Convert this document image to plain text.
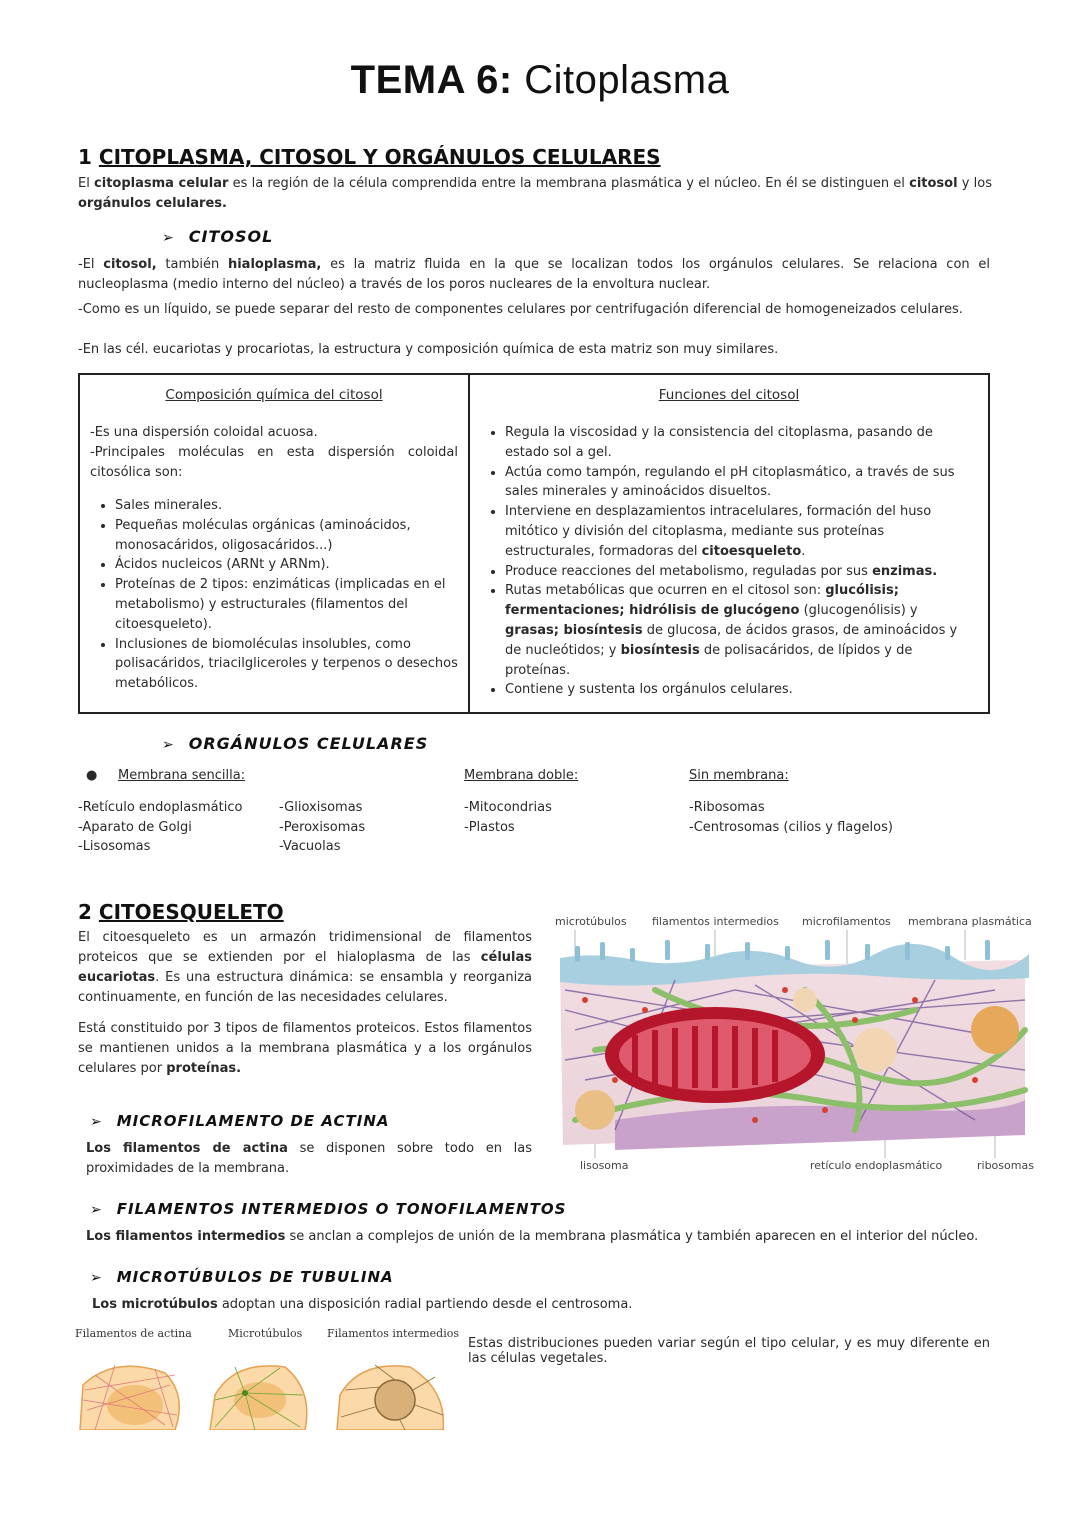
TEMA 6: Citoplasma
1 CITOPLASMA, CITOSOL Y ORGÁNULOS CELULARES
El citoplasma celular es la región de la célula comprendida entre la membrana plasmática y el núcleo. En él se distinguen el citosol y los orgánulos celulares.
➢ CITOSOL
-El citosol, también hialoplasma, es la matriz fluida en la que se localizan todos los orgánulos celulares. Se relaciona con el nucleoplasma (medio interno del núcleo) a través de los poros nucleares de la envoltura nuclear.
-Como es un líquido, se puede separar del resto de componentes celulares por centrifugación diferencial de homogeneizados celulares.
-En las cél. eucariotas y procariotas, la estructura y composición química de esta matriz son muy similares.
Composición química del citosol
-Es una dispersión coloidal acuosa.
-Principales moléculas en esta dispersión coloidal citosólica son:
• Sales minerales.
• Pequeñas moléculas orgánicas (aminoácidos, monosacáridos, oligosacáridos...)
• Ácidos nucleicos (ARNt y ARNm).
• Proteínas de 2 tipos: enzimáticas (implicadas en el metabolismo) y estructurales (filamentos del citoesqueleto).
• Inclusiones de biomoléculas insolubles, como polisacáridos, triacilgliceroles y terpenos o desechos metabólicos.

Funciones del citosol
• Regula la viscosidad y la consistencia del citoplasma, pasando de estado sol a gel.
• Actúa como tampón, regulando el pH citoplasmático, a través de sus sales minerales y aminoácidos disueltos.
• Interviene en desplazamientos intracelulares, formación del huso mitótico y división del citoplasma, mediante sus proteínas estructurales, formadoras del citoesqueleto.
• Produce reacciones del metabolismo, reguladas por sus enzimas.
• Rutas metabólicas que ocurren en el citosol son: glucólisis; fermentaciones; hidrólisis de glucógeno (glucogenólisis) y grasas; biosíntesis de glucosa, de ácidos grasos, de aminoácidos y de nucleótidos; y biosíntesis de polisacáridos, de lípidos y de proteínas.
• Contiene y sustenta los orgánulos celulares.
➢ ORGÁNULOS CELULARES
● Membrana sencilla:
-Retículo endoplasmático
-Aparato de Golgi
-Lisosomas
-Glioxisomas
-Peroxisomas
-Vacuolas
Membrana doble:
-Mitocondrias
-Plastos
Sin membrana:
-Ribosomas
-Centrosomas (cilios y flagelos)
2 CITOESQUELETO
El citoesqueleto es un armazón tridimensional de filamentos proteicos que se extienden por el hialoplasma de las células eucariotas. Es una estructura dinámica: se ensambla y reorganiza continuamente, en función de las necesidades celulares.
Está constituido por 3 tipos de filamentos proteicos. Estos filamentos se mantienen unidos a la membrana plasmática y a los orgánulos celulares por proteínas.
microtúbulos filamentos intermedios microfilamentos membrana plasmática
lisosoma	retículo endoplasmático	ribosomas
➢ MICROFILAMENTO DE ACTINA
Los filamentos de actina se disponen sobre todo en las proximidades de la membrana.
➢ FILAMENTOS INTERMEDIOS O TONOFILAMENTOS
Los filamentos intermedios se anclan a complejos de unión de la membrana plasmática y también aparecen en el interior del núcleo.
➢ MICROTÚBULOS DE TUBULINA
Los microtúbulos adoptan una disposición radial partiendo desde el centrosoma.
Filamentos de actina	Microtúbulos Filamentos intermedios
Estas distribuciones pueden variar según el tipo celular, y es muy diferente en las células vegetales.
